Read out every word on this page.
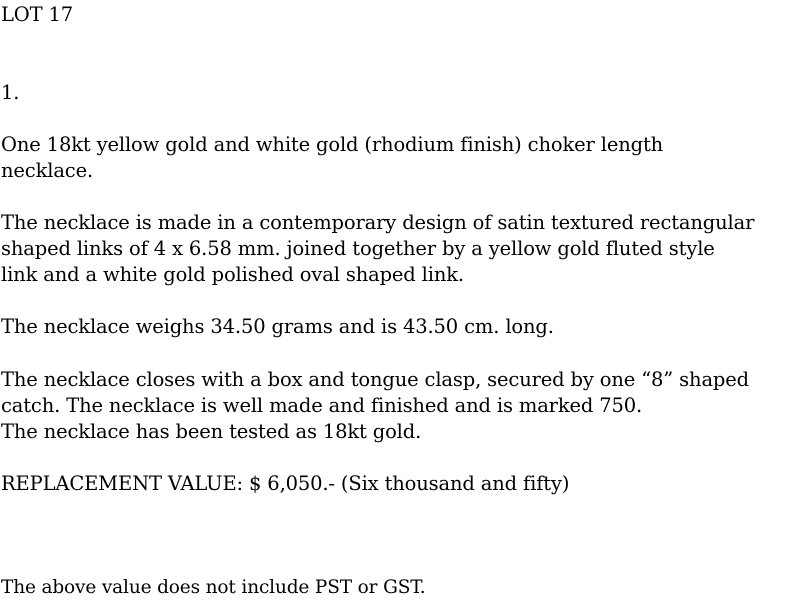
LOT 17

1.

One 18kt yellow gold and white gold (rhodium finish) choker length

necklace.

The necklace is made in a contemporary design of satin textured rectangular

shaped links of 4 x 6.58 mm. joined together by a yellow gold fluted style

link and a white gold polished oval shaped link.

The necklace weighs 34.50 grams and is 43.50 cm. long.

The necklace closes with a box and tongue clasp, secured by one “8” shaped

catch. The necklace is well made and finished and is marked 750.

The necklace has been tested as 18kt gold.

REPLACEMENT VALUE: $ 6,050.- (Six thousand and fifty)

The above value does not include PST or GST.
